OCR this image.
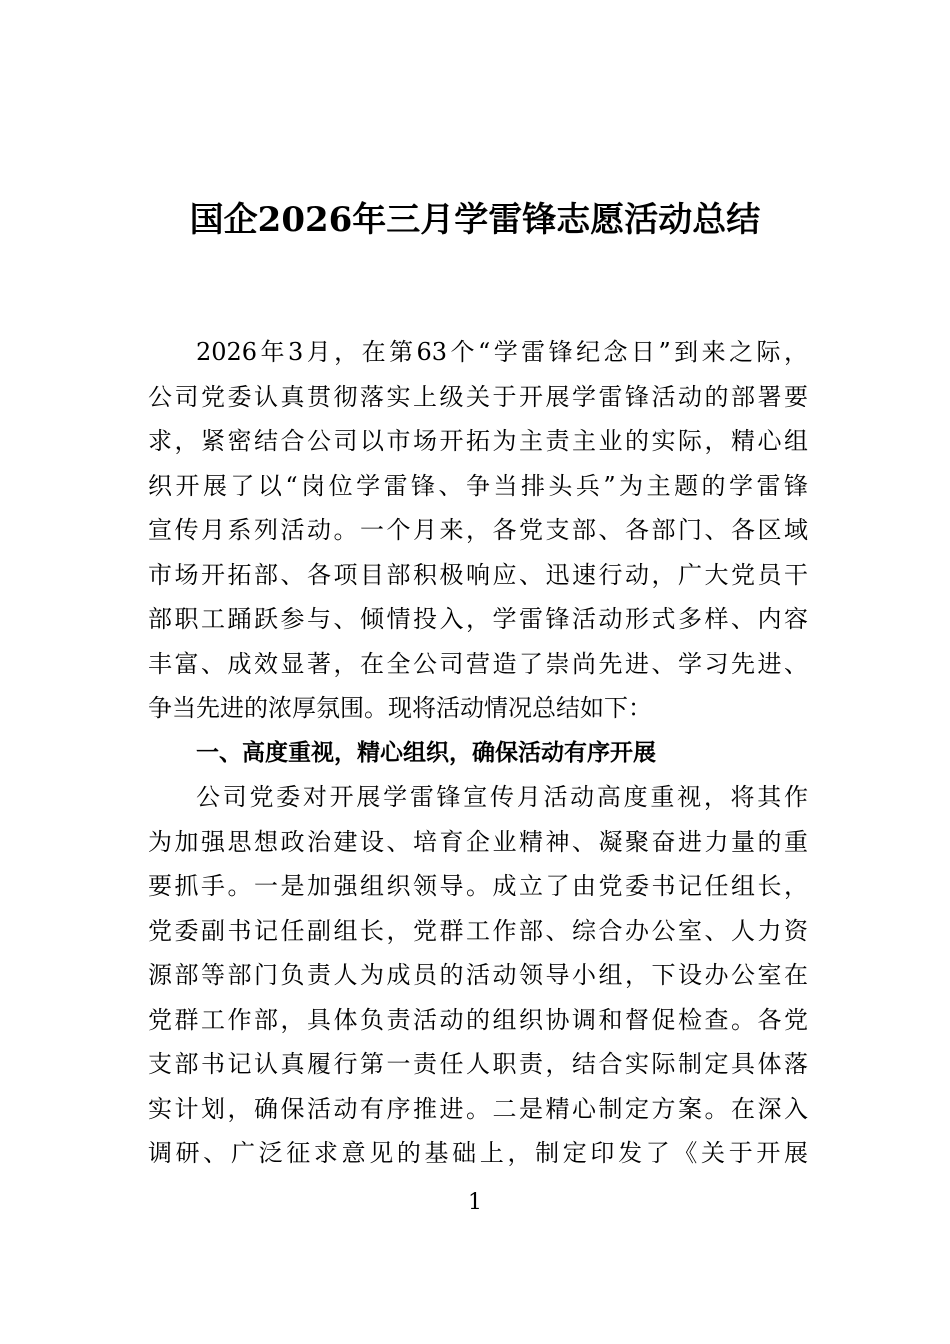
国企2026年三月学雷锋志愿活动总结
2026年3月，在第63个“学雷锋纪念日”到来之际，
公司党委认真贯彻落实上级关于开展学雷锋活动的部署要
求，紧密结合公司以市场开拓为主责主业的实际，精心组
织开展了以“岗位学雷锋、争当排头兵”为主题的学雷锋
宣传月系列活动。一个月来，各党支部、各部门、各区域
市场开拓部、各项目部积极响应、迅速行动，广大党员干
部职工踊跃参与、倾情投入，学雷锋活动形式多样、内容
丰富、成效显著，在全公司营造了崇尚先进、学习先进、
争当先进的浓厚氛围。现将活动情况总结如下：
一、高度重视，精心组织，确保活动有序开展
公司党委对开展学雷锋宣传月活动高度重视，将其作
为加强思想政治建设、培育企业精神、凝聚奋进力量的重
要抓手。一是加强组织领导。成立了由党委书记任组长，
党委副书记任副组长，党群工作部、综合办公室、人力资
源部等部门负责人为成员的活动领导小组，下设办公室在
党群工作部，具体负责活动的组织协调和督促检查。各党
支部书记认真履行第一责任人职责，结合实际制定具体落
实计划，确保活动有序推进。二是精心制定方案。在深入
调研、广泛征求意见的基础上，制定印发了《关于开展
1
